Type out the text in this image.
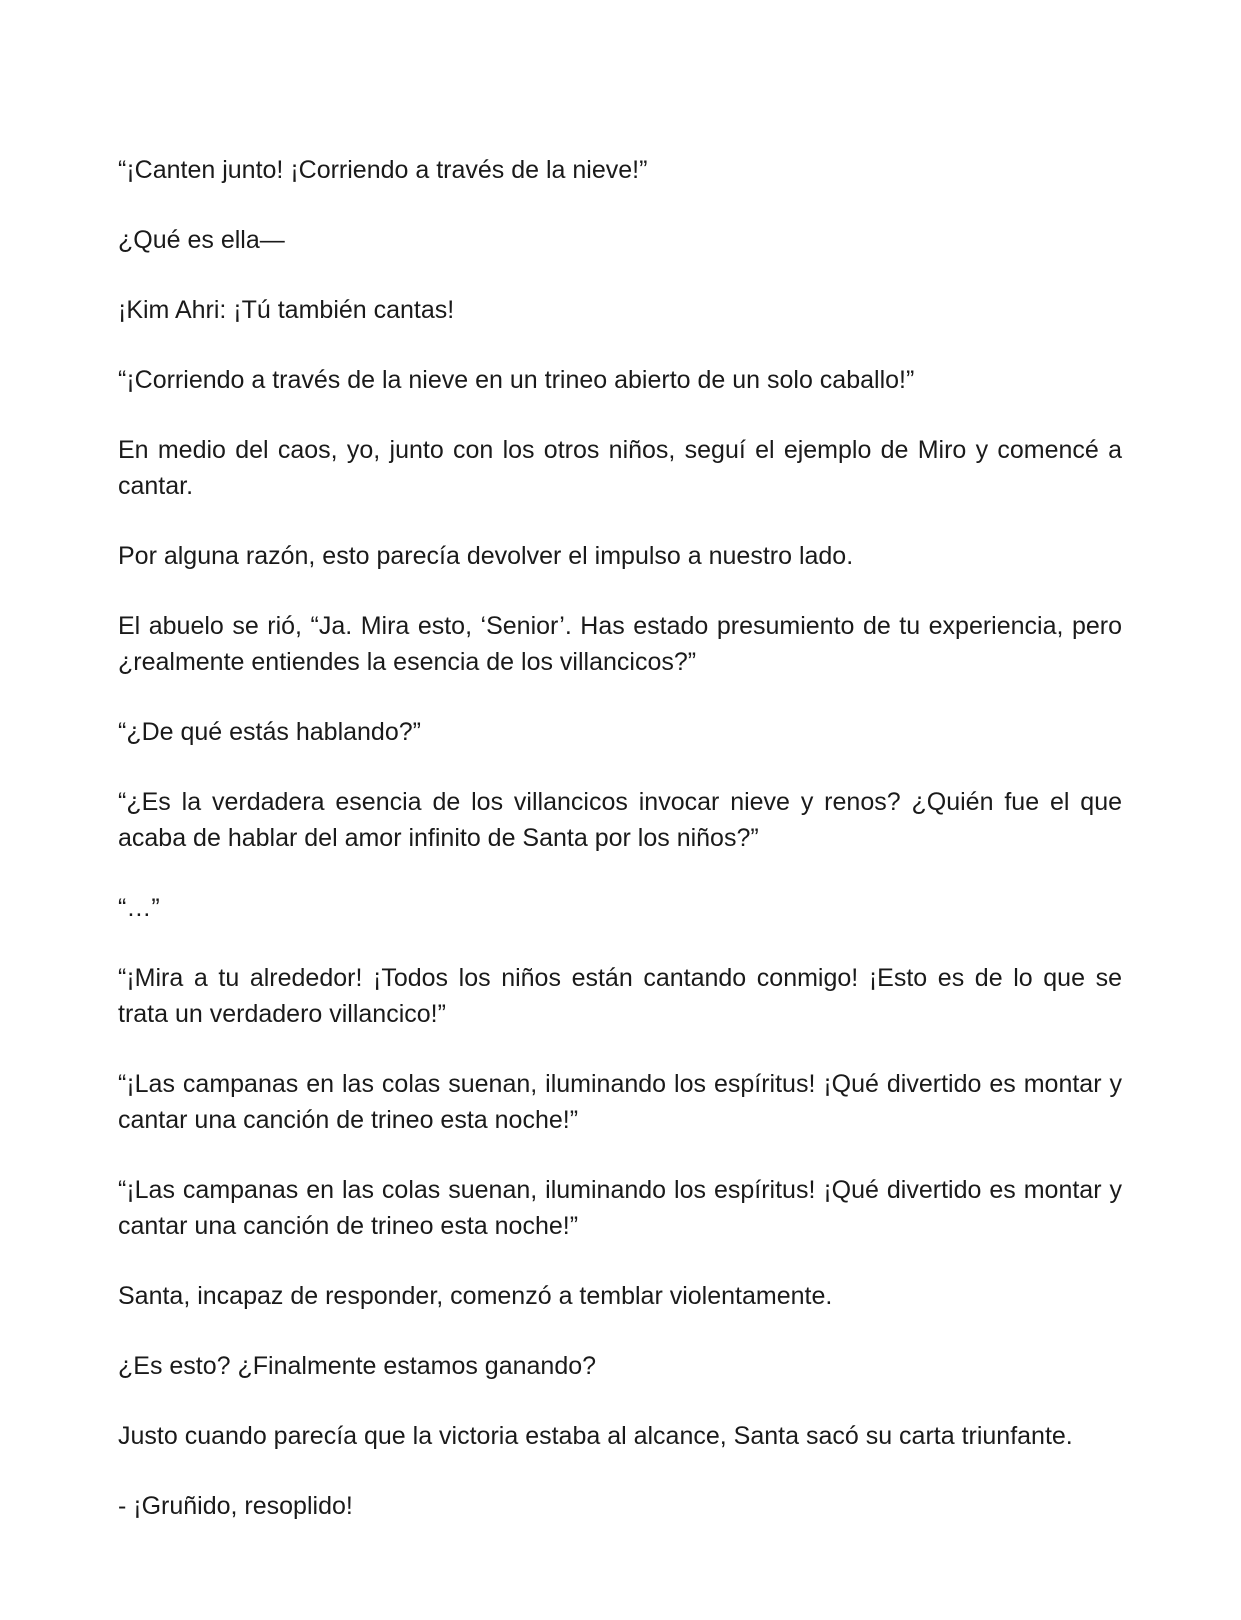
“¡Canten junto! ¡Corriendo a través de la nieve!”

¿Qué es ella—

¡Kim Ahri: ¡Tú también cantas!

“¡Corriendo a través de la nieve en un trineo abierto de un solo caballo!”

En medio del caos, yo, junto con los otros niños, seguí el ejemplo de Miro y comencé a cantar.

Por alguna razón, esto parecía devolver el impulso a nuestro lado.

El abuelo se rió, “Ja. Mira esto, ‘Senior’. Has estado presumiento de tu experiencia, pero ¿realmente entiendes la esencia de los villancicos?”

“¿De qué estás hablando?”

“¿Es la verdadera esencia de los villancicos invocar nieve y renos? ¿Quién fue el que acaba de hablar del amor infinito de Santa por los niños?”

“…”

“¡Mira a tu alrededor! ¡Todos los niños están cantando conmigo! ¡Esto es de lo que se trata un verdadero villancico!”

“¡Las campanas en las colas suenan, iluminando los espíritus! ¡Qué divertido es montar y cantar una canción de trineo esta noche!”

“¡Las campanas en las colas suenan, iluminando los espíritus! ¡Qué divertido es montar y cantar una canción de trineo esta noche!”

Santa, incapaz de responder, comenzó a temblar violentamente.

¿Es esto? ¿Finalmente estamos ganando?

Justo cuando parecía que la victoria estaba al alcance, Santa sacó su carta triunfante.

- ¡Gruñido, resoplido!
